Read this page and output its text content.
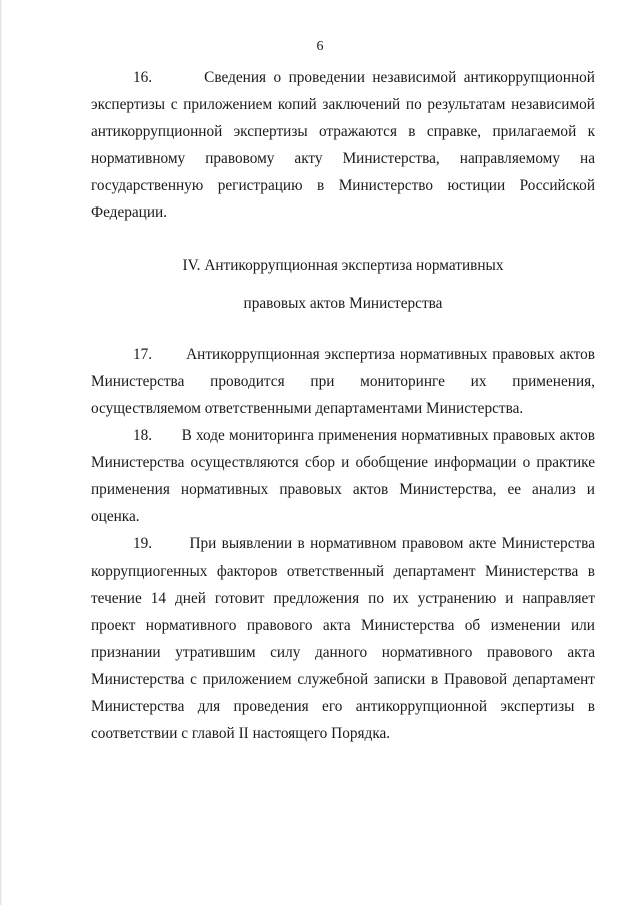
6

16.	Сведения о проведении независимой антикоррупционной экспертизы с приложением копий заключений по результатам независимой антикоррупционной экспертизы отражаются в справке, прилагаемой к нормативному правовому акту Министерства, направляемому на государственную регистрацию в Министерство юстиции Российской Федерации.

IV. Антикоррупционная экспертиза нормативных
правовых актов Министерства

17. Антикоррупционная экспертиза нормативных правовых актов Министерства проводится при мониторинге их применения, осуществляемом ответственными департаментами Министерства.

18. В ходе мониторинга применения нормативных правовых актов Министерства осуществляются сбор и обобщение информации о практике применения нормативных правовых актов Министерства, ее анализ и оценка.

19. При выявлении в нормативном правовом акте Министерства коррупциогенных факторов ответственный департамент Министерства в течение 14 дней готовит предложения по их устранению и направляет проект нормативного правового акта Министерства об изменении или признании утратившим силу данного нормативного правового акта Министерства с приложением служебной записки в Правовой департамент Министерства для проведения его антикоррупционной экспертизы в соответствии с главой II настоящего Порядка.
